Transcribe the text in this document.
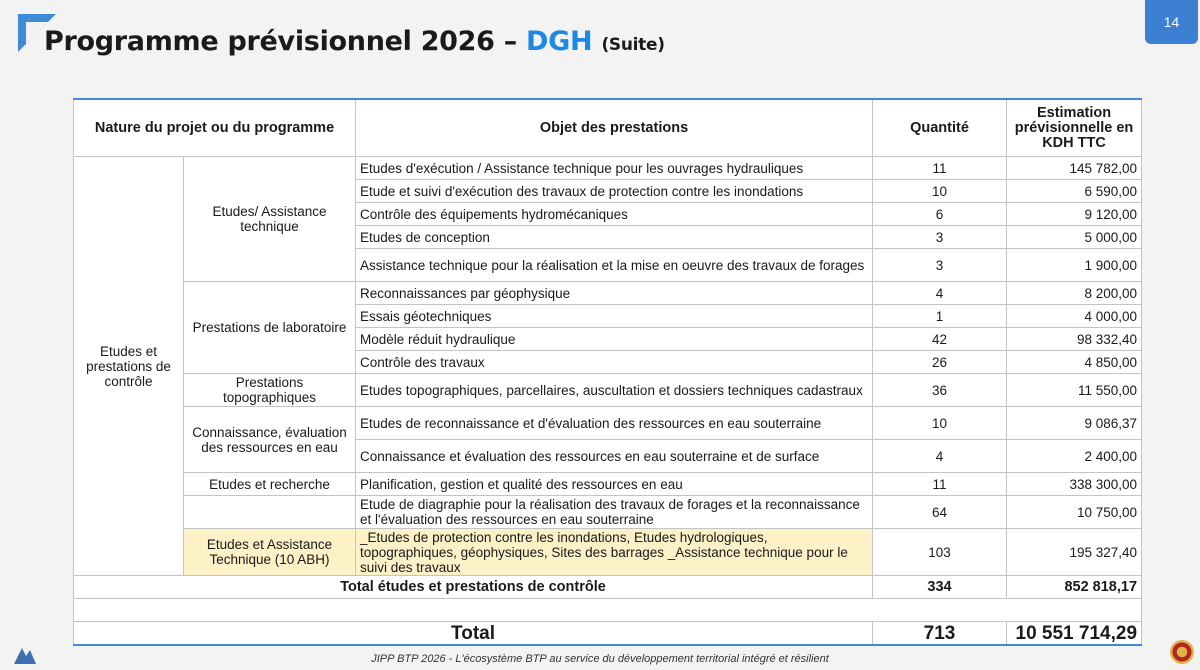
Programme prévisionnel 2026 – DGH (Suite)
14
Nature du projet ou du programme		Objet des prestations	Quantité	Estimation prévisionnelle en KDH TTC
Etudes et prestations de contrôle	Etudes/ Assistance technique	Etudes d'exécution / Assistance technique pour les ouvrages hydrauliques	11	145 782,00
		Etude et suivi d'exécution des travaux de protection contre les inondations	10	6 590,00
		Contrôle des équipements hydromécaniques	6	9 120,00
		Etudes de conception	3	5 000,00
		Assistance technique pour la réalisation et la mise en oeuvre des travaux de forages	3	1 900,00
	Prestations de laboratoire	Reconnaissances par géophysique	4	8 200,00
		Essais géotechniques	1	4 000,00
		Modèle réduit hydraulique	42	98 332,40
		Contrôle des travaux	26	4 850,00
	Prestations topographiques	Etudes topographiques, parcellaires, auscultation et dossiers techniques cadastraux	36	11 550,00
	Connaissance, évaluation des ressources en eau	Etudes de reconnaissance et d'évaluation des ressources en eau souterraine	10	9 086,37
		Connaissance et évaluation des ressources en eau souterraine et de surface	4	2 400,00
	Etudes et recherche	Planification, gestion et qualité des ressources en eau	11	338 300,00
		Etude de diagraphie pour la réalisation des travaux de forages et la reconnaissance et l'évaluation des ressources en eau souterraine	64	10 750,00
	Etudes et Assistance Technique (10 ABH)	_Etudes de protection contre les inondations, Etudes hydrologiques, topographiques, géophysiques, Sites des barrages _Assistance technique pour le suivi des travaux	103	195 327,40
Total études et prestations de contrôle			334	852 818,17

Total			713	10 551 714,29
JIPP BTP 2026 - L'écosystème BTP au service du développement territorial intégré et résilient
